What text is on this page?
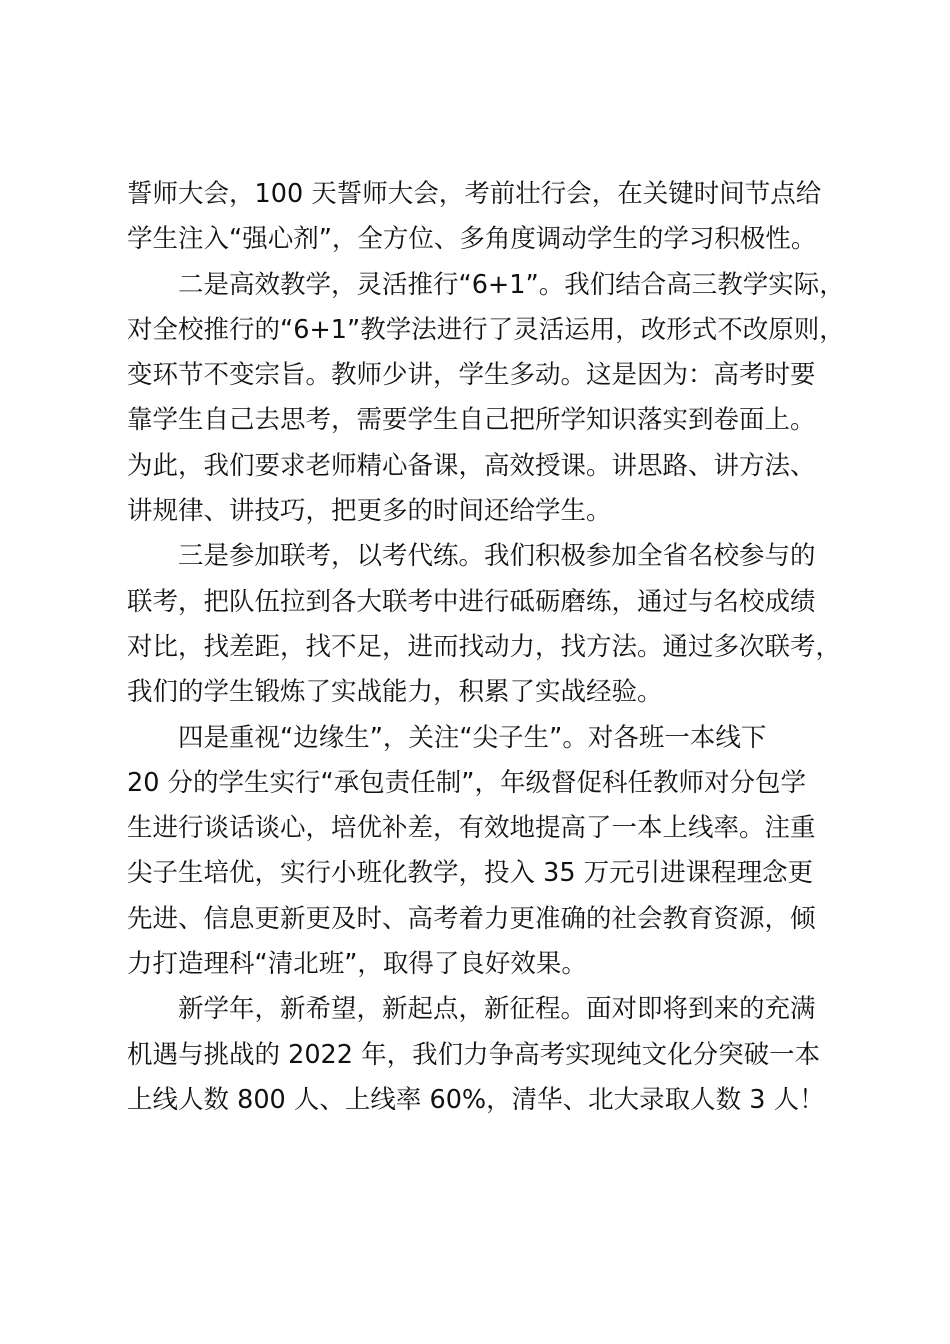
誓师大会，100 天誓师大会，考前壮行会，在关键时间节点给
学生注入“强心剂”，全方位、多角度调动学生的学习积极性。
　　二是高效教学，灵活推行“6+1”。我们结合高三教学实际，
对全校推行的“6+1”教学法进行了灵活运用，改形式不改原则，
变环节不变宗旨。教师少讲，学生多动。这是因为：高考时要
靠学生自己去思考，需要学生自己把所学知识落实到卷面上。
为此，我们要求老师精心备课，高效授课。讲思路、讲方法、
讲规律、讲技巧，把更多的时间还给学生。
　　三是参加联考，以考代练。我们积极参加全省名校参与的
联考，把队伍拉到各大联考中进行砥砺磨练，通过与名校成绩
对比，找差距，找不足，进而找动力，找方法。通过多次联考，
我们的学生锻炼了实战能力，积累了实战经验。
　　四是重视“边缘生”，关注“尖子生”。对各班一本线下
20 分的学生实行“承包责任制”，年级督促科任教师对分包学
生进行谈话谈心，培优补差，有效地提高了一本上线率。注重
尖子生培优，实行小班化教学，投入 35 万元引进课程理念更
先进、信息更新更及时、高考着力更准确的社会教育资源，倾
力打造理科“清北班”，取得了良好效果。
　　新学年，新希望，新起点，新征程。面对即将到来的充满
机遇与挑战的 2022 年，我们力争高考实现纯文化分突破一本
上线人数 800 人、上线率 60%，清华、北大录取人数 3 人！
